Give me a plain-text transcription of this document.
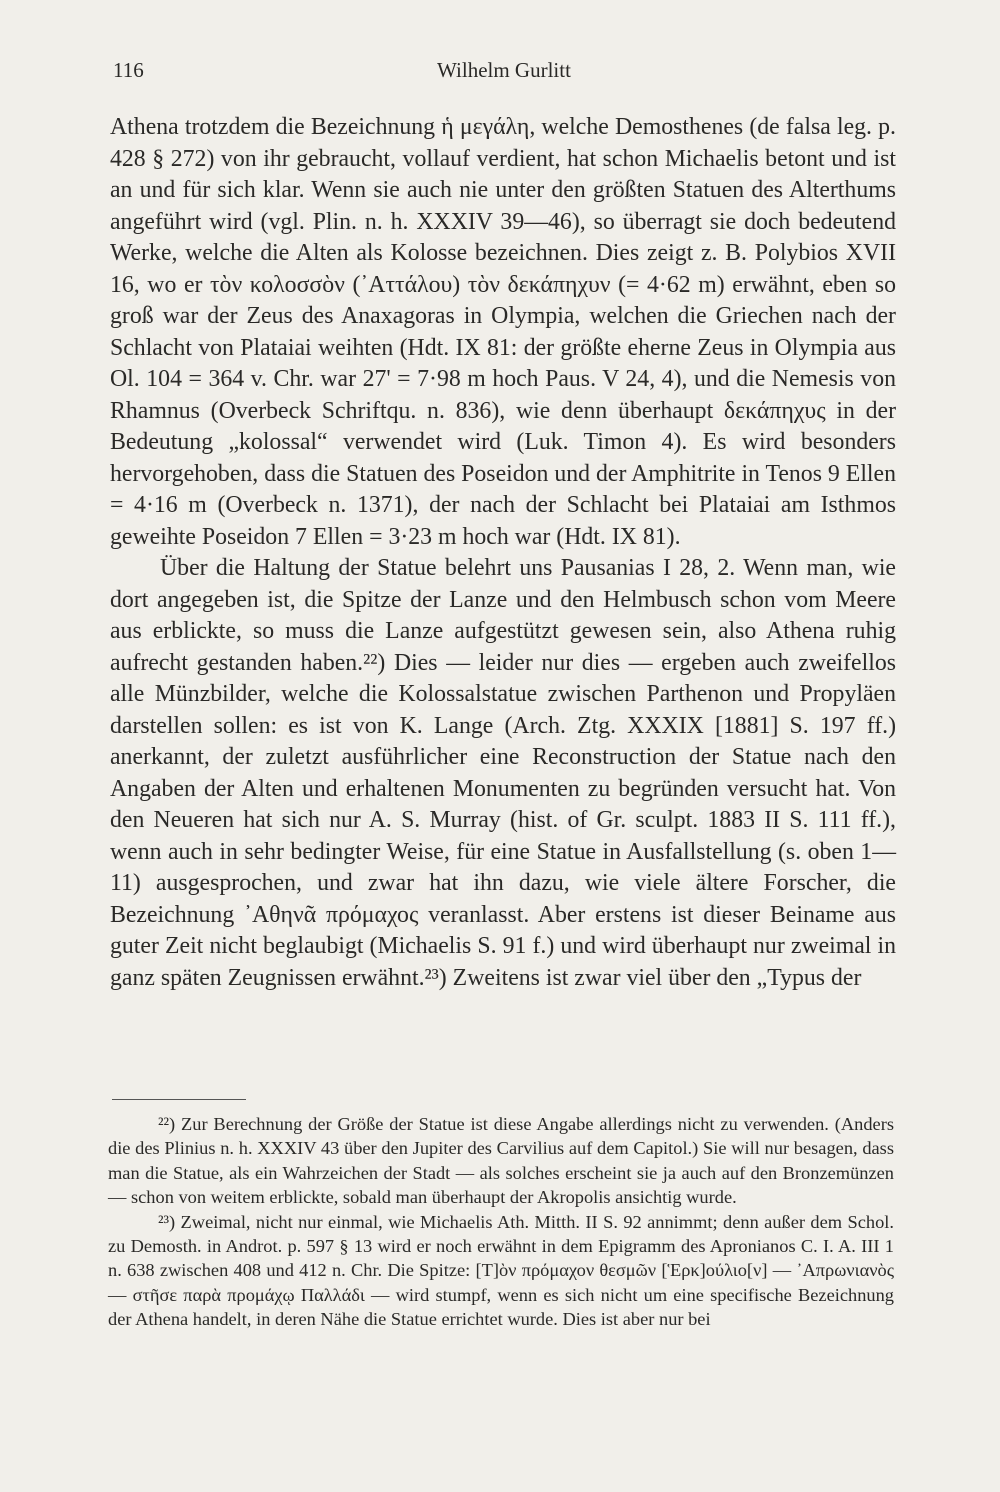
116	Wilhelm Gurlitt

Athena trotzdem die Bezeichnung ἡ μεγάλη, welche Demosthenes (de falsa leg. p. 428 § 272) von ihr gebraucht, vollauf verdient, hat schon Michaelis betont und ist an und für sich klar. Wenn sie auch nie unter den größten Statuen des Alterthums angeführt wird (vgl. Plin. n. h. XXXIV 39—46), so überragt sie doch bedeutend Werke, welche die Alten als Kolosse bezeichnen. Dies zeigt z. B. Polybios XVII 16, wo er τὸν κολοσσὸν (᾿Αττάλου) τὸν δεκάπηχυν (= 4·62 m) erwähnt, eben so groß war der Zeus des Anaxagoras in Olympia, welchen die Griechen nach der Schlacht von Plataiai weihten (Hdt. IX 81: der größte eherne Zeus in Olympia aus Ol. 104 = 364 v. Chr. war 27' = 7·98 m hoch Paus. V 24, 4), und die Nemesis von Rhamnus (Overbeck Schriftqu. n. 836), wie denn überhaupt δεκάπηχυς in der Bedeutung „kolossal“ verwendet wird (Luk. Timon 4). Es wird besonders hervorgehoben, dass die Statuen des Poseidon und der Amphitrite in Tenos 9 Ellen = 4·16 m (Overbeck n. 1371), der nach der Schlacht bei Plataiai am Isthmos geweihte Poseidon 7 Ellen = 3·23 m hoch war (Hdt. IX 81).

Über die Haltung der Statue belehrt uns Pausanias I 28, 2. Wenn man, wie dort angegeben ist, die Spitze der Lanze und den Helmbusch schon vom Meere aus erblickte, so muss die Lanze aufgestützt gewesen sein, also Athena ruhig aufrecht gestanden haben.²²) Dies — leider nur dies — ergeben auch zweifellos alle Münzbilder, welche die Kolossalstatue zwischen Parthenon und Propyläen darstellen sollen: es ist von K. Lange (Arch. Ztg. XXXIX [1881] S. 197 ff.) anerkannt, der zuletzt ausführlicher eine Reconstruction der Statue nach den Angaben der Alten und erhaltenen Monumenten zu begründen versucht hat. Von den Neueren hat sich nur A. S. Murray (hist. of Gr. sculpt. 1883 II S. 111 ff.), wenn auch in sehr bedingter Weise, für eine Statue in Ausfallstellung (s. oben 1—11) ausgesprochen, und zwar hat ihn dazu, wie viele ältere Forscher, die Bezeichnung ᾿Αθηνᾶ πρόμαχος veranlasst. Aber erstens ist dieser Beiname aus guter Zeit nicht beglaubigt (Michaelis S. 91 f.) und wird überhaupt nur zweimal in ganz späten Zeugnissen erwähnt.²³) Zweitens ist zwar viel über den „Typus der

²²) Zur Berechnung der Größe der Statue ist diese Angabe allerdings nicht zu verwenden. (Anders die des Plinius n. h. XXXIV 43 über den Jupiter des Carvilius auf dem Capitol.) Sie will nur besagen, dass man die Statue, als ein Wahrzeichen der Stadt — als solches erscheint sie ja auch auf den Bronzemünzen — schon von weitem erblickte, sobald man überhaupt der Akropolis ansichtig wurde.

²³) Zweimal, nicht nur einmal, wie Michaelis Ath. Mitth. II S. 92 annimmt; denn außer dem Schol. zu Demosth. in Androt. p. 597 § 13 wird er noch erwähnt in dem Epigramm des Apronianos C. I. A. III 1 n. 638 zwischen 408 und 412 n. Chr. Die Spitze: [Τ]ὸν πρόμαχον θεσμῶν [Ἑρκ]ούλιο[ν] — ᾿Απρωνιανὸς — στῆσε παρὰ προμάχῳ Παλλάδι — wird stumpf, wenn es sich nicht um eine specifische Bezeichnung der Athena handelt, in deren Nähe die Statue errichtet wurde. Dies ist aber nur bei
